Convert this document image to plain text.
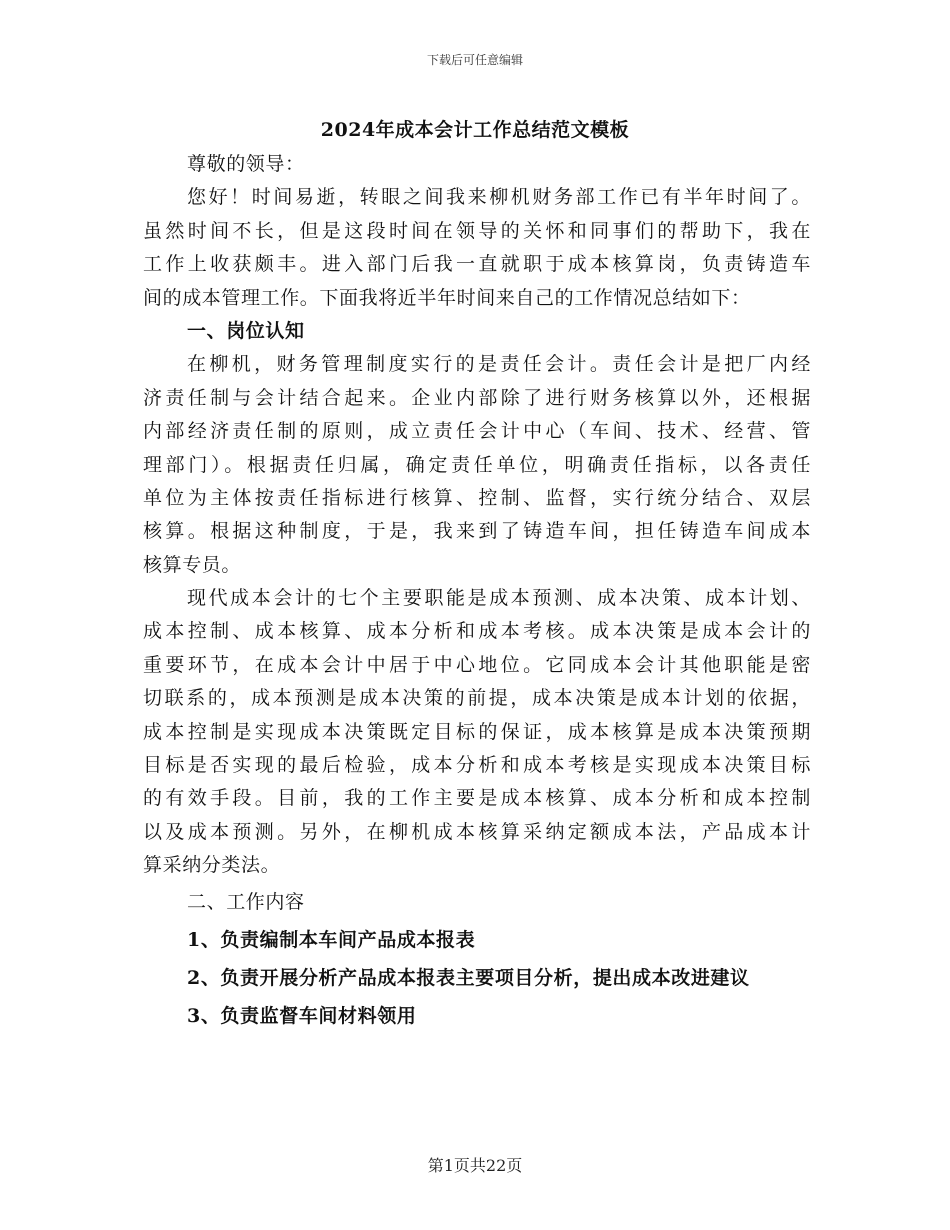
下载后可任意编辑
2024年成本会计工作总结范文模板
尊敬的领导：
您好！时间易逝，转眼之间我来柳机财务部工作已有半年时间了。
虽然时间不长，但是这段时间在领导的关怀和同事们的帮助下，我在
工作上收获颇丰。进入部门后我一直就职于成本核算岗，负责铸造车
间的成本管理工作。下面我将近半年时间来自己的工作情况总结如下：
一、岗位认知
在柳机，财务管理制度实行的是责任会计。责任会计是把厂内经
济责任制与会计结合起来。企业内部除了进行财务核算以外，还根据
内部经济责任制的原则，成立责任会计中心（车间、技术、经营、管
理部门）。根据责任归属，确定责任单位，明确责任指标，以各责任
单位为主体按责任指标进行核算、控制、监督，实行统分结合、双层
核算。根据这种制度，于是，我来到了铸造车间，担任铸造车间成本
核算专员。
现代成本会计的七个主要职能是成本预测、成本决策、成本计划、
成本控制、成本核算、成本分析和成本考核。成本决策是成本会计的
重要环节，在成本会计中居于中心地位。它同成本会计其他职能是密
切联系的，成本预测是成本决策的前提，成本决策是成本计划的依据，
成本控制是实现成本决策既定目标的保证，成本核算是成本决策预期
目标是否实现的最后检验，成本分析和成本考核是实现成本决策目标
的有效手段。目前，我的工作主要是成本核算、成本分析和成本控制
以及成本预测。另外，在柳机成本核算采纳定额成本法，产品成本计
算采纳分类法。
二、工作内容
1、负责编制本车间产品成本报表
2、负责开展分析产品成本报表主要项目分析，提出成本改进建议
3、负责监督车间材料领用
第1页共22页
